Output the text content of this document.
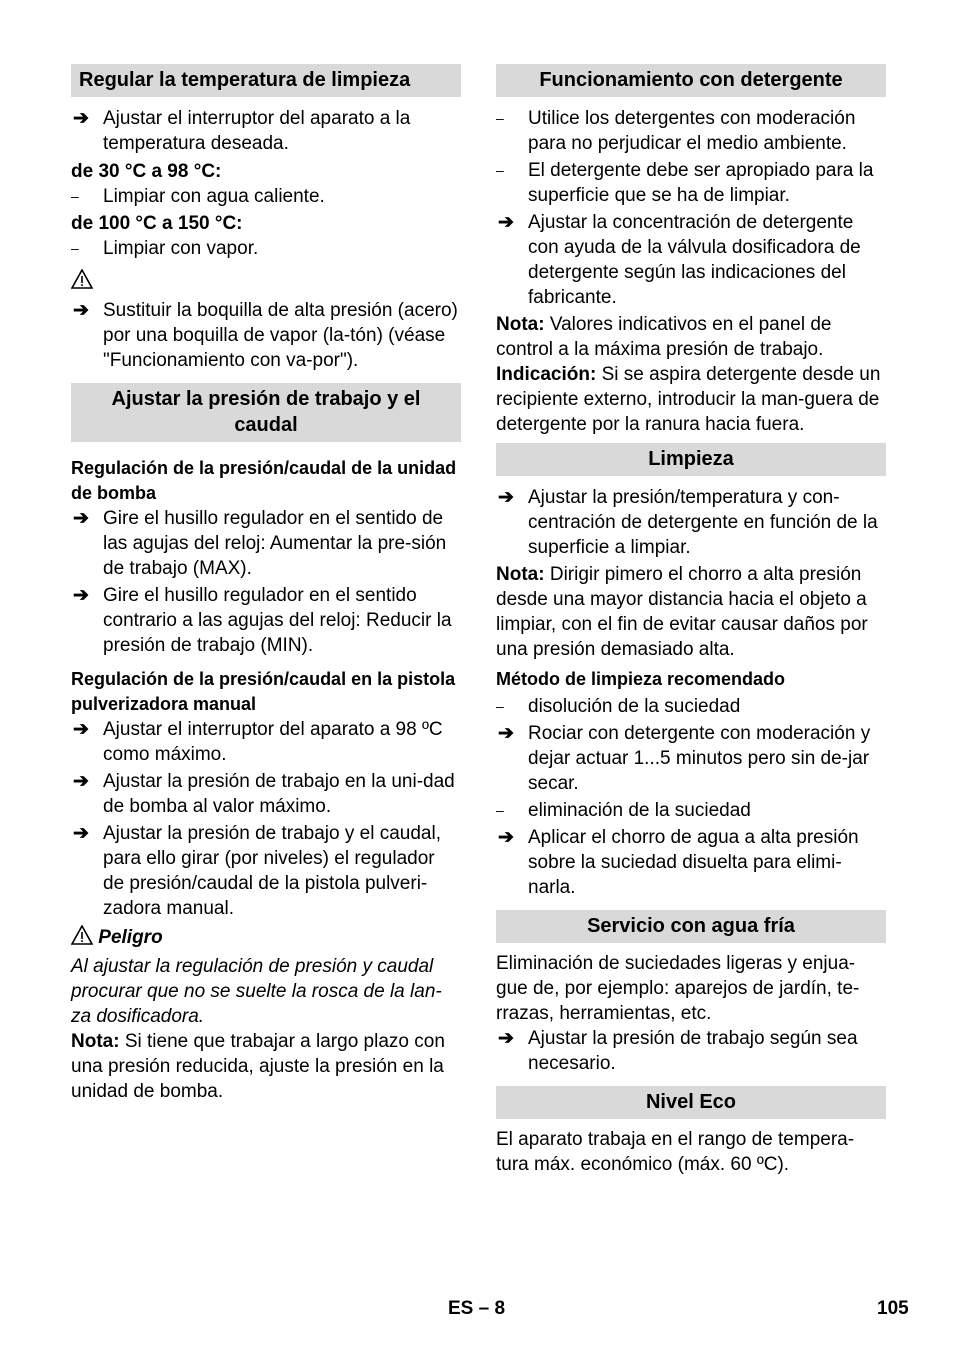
Regular la temperatura de limpieza
➔ Ajustar el interruptor del aparato a la temperatura deseada.

de 30 °C a 98 °C:

– Limpiar con agua caliente.

de 100 °C a 150 °C:

– Limpiar con vapor.
➔ Sustituir la boquilla de alta presión (acero) por una boquilla de vapor (la-tón) (véase "Funcionamiento con va-por").
Ajustar la presión de trabajo y el caudal

Regulación de la presión/caudal de la unidad de bomba

➔ Gire el husillo regulador en el sentido de las agujas del reloj: Aumentar la pre-sión de trabajo (MAX).
➔ Gire el husillo regulador en el sentido contrario a las agujas del reloj: Reducir la presión de trabajo (MIN).

Regulación de la presión/caudal en la pistola pulverizadora manual

➔ Ajustar el interruptor del aparato a 98 ºC como máximo.
➔ Ajustar la presión de trabajo en la uni-dad de bomba al valor máximo.
➔ Ajustar la presión de trabajo y el caudal, para ello girar (por niveles) el regulador de presión/caudal de la pistola pulveri-zadora manual.

Peligro

Al ajustar la regulación de presión y caudal procurar que no se suelte la rosca de la lan-za dosificadora.

Nota: Si tiene que trabajar a largo plazo con una presión reducida, ajuste la presión en la unidad de bomba.

Funcionamiento con detergente
– Utilice los detergentes con moderación para no perjudicar el medio ambiente.
– El detergente debe ser apropiado para la superficie que se ha de limpiar.
➔ Ajustar la concentración de detergente con ayuda de la válvula dosificadora de detergente según las indicaciones del fabricante.

Nota: Valores indicativos en el panel de control a la máxima presión de trabajo.

Indicación: Si se aspira detergente desde un recipiente externo, introducir la man-guera de detergente por la ranura hacia fuera.

Limpieza
➔ Ajustar la presión/temperatura y con-centración de detergente en función de la superficie a limpiar.

Nota: Dirigir pimero el chorro a alta presión desde una mayor distancia hacia el objeto a limpiar, con el fin de evitar causar daños por una presión demasiado alta.

Método de limpieza recomendado

– disolución de la suciedad
➔ Rociar con detergente con moderación y dejar actuar 1...5 minutos pero sin de-jar secar.
– eliminación de la suciedad
➔ Aplicar el chorro de agua a alta presión sobre la suciedad disuelta para elimi-narla.
Servicio con agua fría

Eliminación de suciedades ligeras y enjua-gue de, por ejemplo: aparejos de jardín, te-rrazas, herramientas, etc.

➔ Ajustar la presión de trabajo según sea necesario.
Nivel Eco

El aparato trabaja en el rango de tempera-tura máx. económico (máx. 60 ºC).

ES – 8	105
